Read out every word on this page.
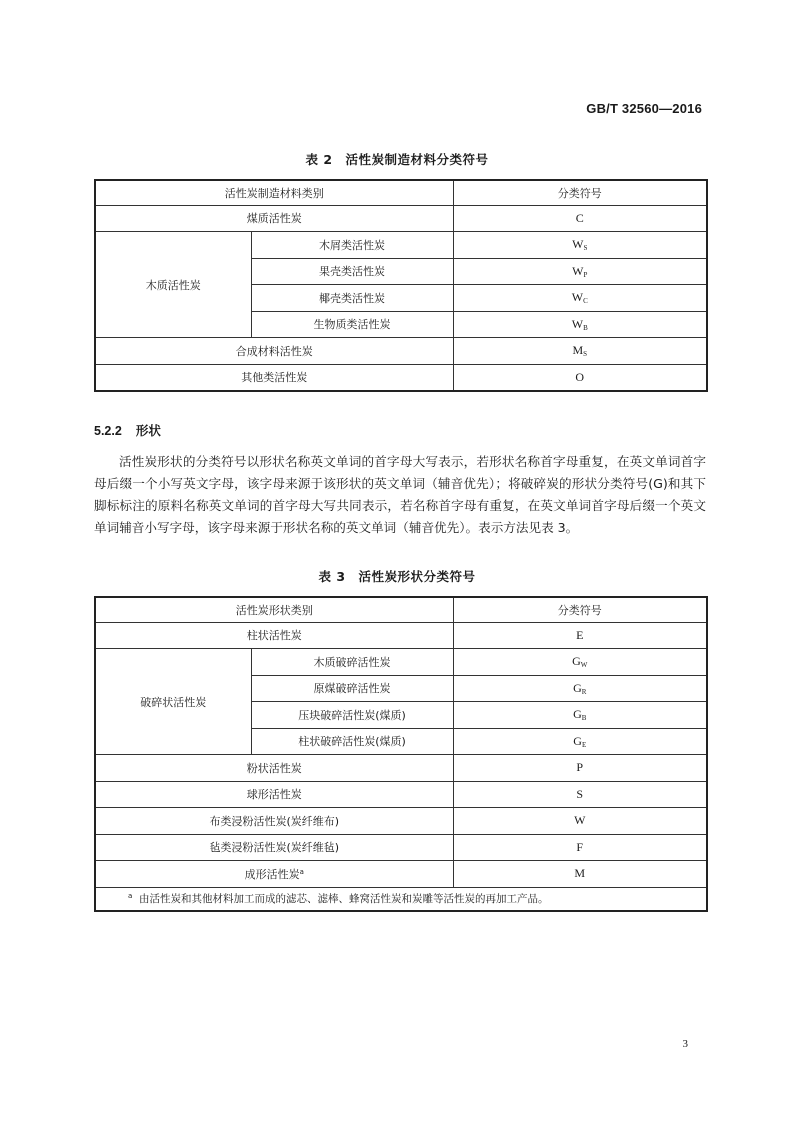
GB/T 32560—2016
表 2　活性炭制造材料分类符号
活性炭制造材料类别		分类符号
煤质活性炭		C
木质活性炭	木屑类活性炭	$W_S$
	果壳类活性炭	$W_P$
	椰壳类活性炭	$W_C$
	生物质类活性炭	$W_B$
合成材料活性炭		$M_S$
其他类活性炭		O
5.2.2 形状

活性炭形状的分类符号以形状名称英文单词的首字母大写表示，若形状名称首字母重复，在英文单词首字母后缀一个小写英文字母，该字母来源于该形状的英文单词（辅音优先）；将破碎炭的形状分类符号(G)和其下脚标标注的原料名称英文单词的首字母大写共同表示，若名称首字母有重复，在英文单词首字母后缀一个英文单词辅音小写字母，该字母来源于形状名称的英文单词（辅音优先）。表示方法见表 3。

表 3　活性炭形状分类符号
活性炭形状类别		分类符号
柱状活性炭		E
破碎状活性炭	木质破碎活性炭	$G_W$
	原煤破碎活性炭	$G_R$
	压块破碎活性炭(煤质)	$G_B$
	柱状破碎活性炭(煤质)	$G_E$
粉状活性炭		P
球形活性炭		S
布类浸粉活性炭(炭纤维布)		W
毡类浸粉活性炭(炭纤维毡)		F
成形活性炭$^a$		M
$^a$ 由活性炭和其他材料加工而成的滤芯、滤棒、蜂窝活性炭和炭雕等活性炭的再加工产品。		
3
